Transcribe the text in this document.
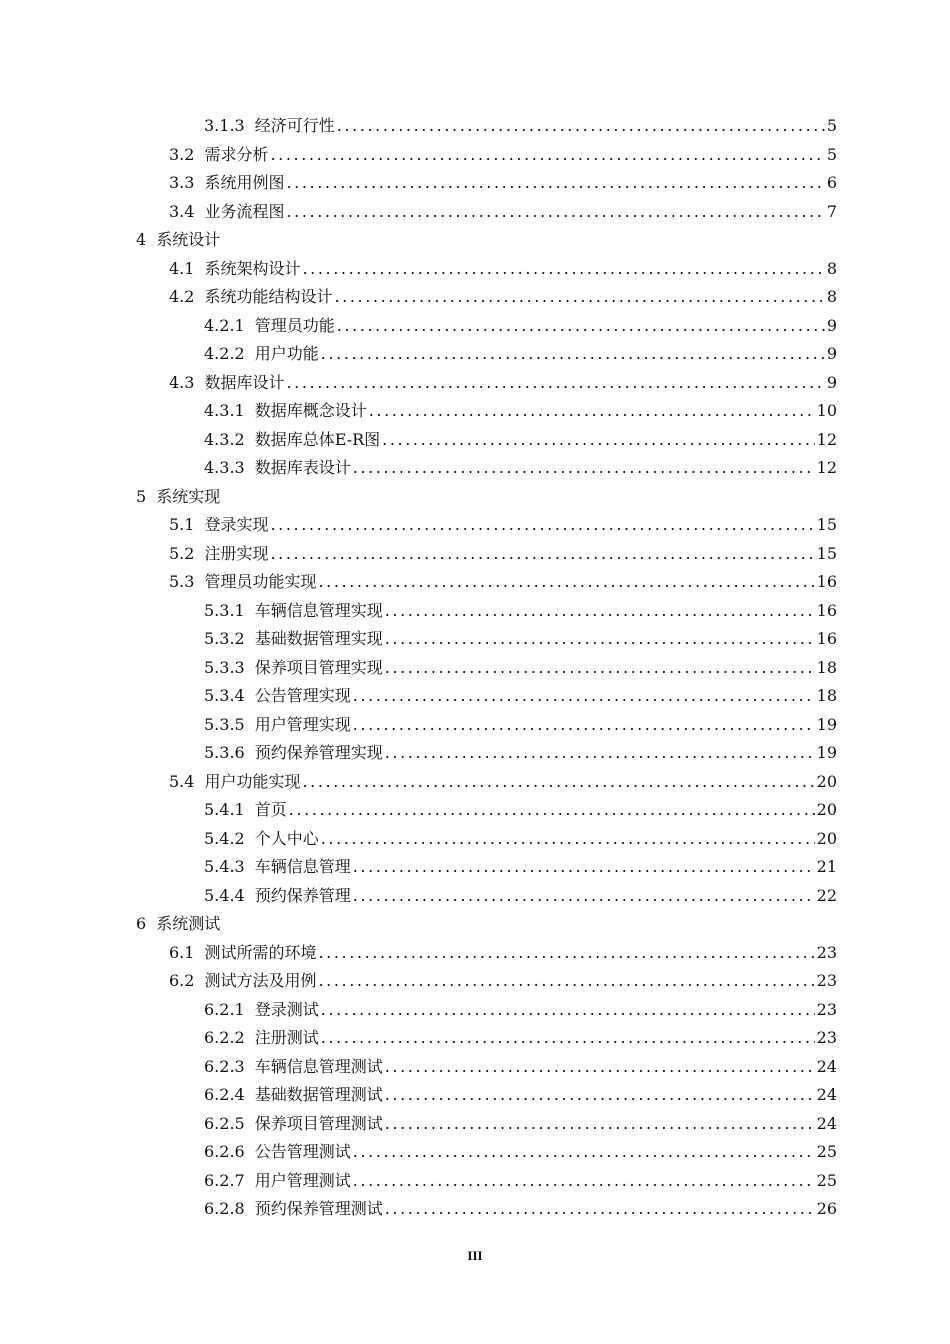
3.1.3 经济可行性 .....	5
3.2 需求分析 .....	5
3.3 系统用例图 .....	6
3.4 业务流程图 .....	7
4 系统设计
4.1 系统架构设计 .....	8
4.2 系统功能结构设计 .....	8
4.2.1 管理员功能 .....	9
4.2.2 用户功能 .....	9
4.3 数据库设计 .....	9
4.3.1 数据库概念设计 .....	10
4.3.2 数据库总体E-R图 .....	12
4.3.3 数据库表设计 .....	12
5 系统实现
5.1 登录实现 .....	15
5.2 注册实现 .....	15
5.3 管理员功能实现 .....	16
5.3.1 车辆信息管理实现 .....	16
5.3.2 基础数据管理实现 .....	16
5.3.3 保养项目管理实现 .....	18
5.3.4 公告管理实现 .....	18
5.3.5 用户管理实现 .....	19
5.3.6 预约保养管理实现 .....	19
5.4 用户功能实现 .....	20
5.4.1 首页 .....	20
5.4.2 个人中心 .....	20
5.4.3 车辆信息管理 .....	21
5.4.4 预约保养管理 .....	22
6 系统测试
6.1 测试所需的环境 .....	23
6.2 测试方法及用例 .....	23
6.2.1 登录测试 .....	23
6.2.2 注册测试 .....	23
6.2.3 车辆信息管理测试 .....	24
6.2.4 基础数据管理测试 .....	24
6.2.5 保养项目管理测试 .....	24
6.2.6 公告管理测试 .....	25
6.2.7 用户管理测试 .....	25
6.2.8 预约保养管理测试 .....	26
III
